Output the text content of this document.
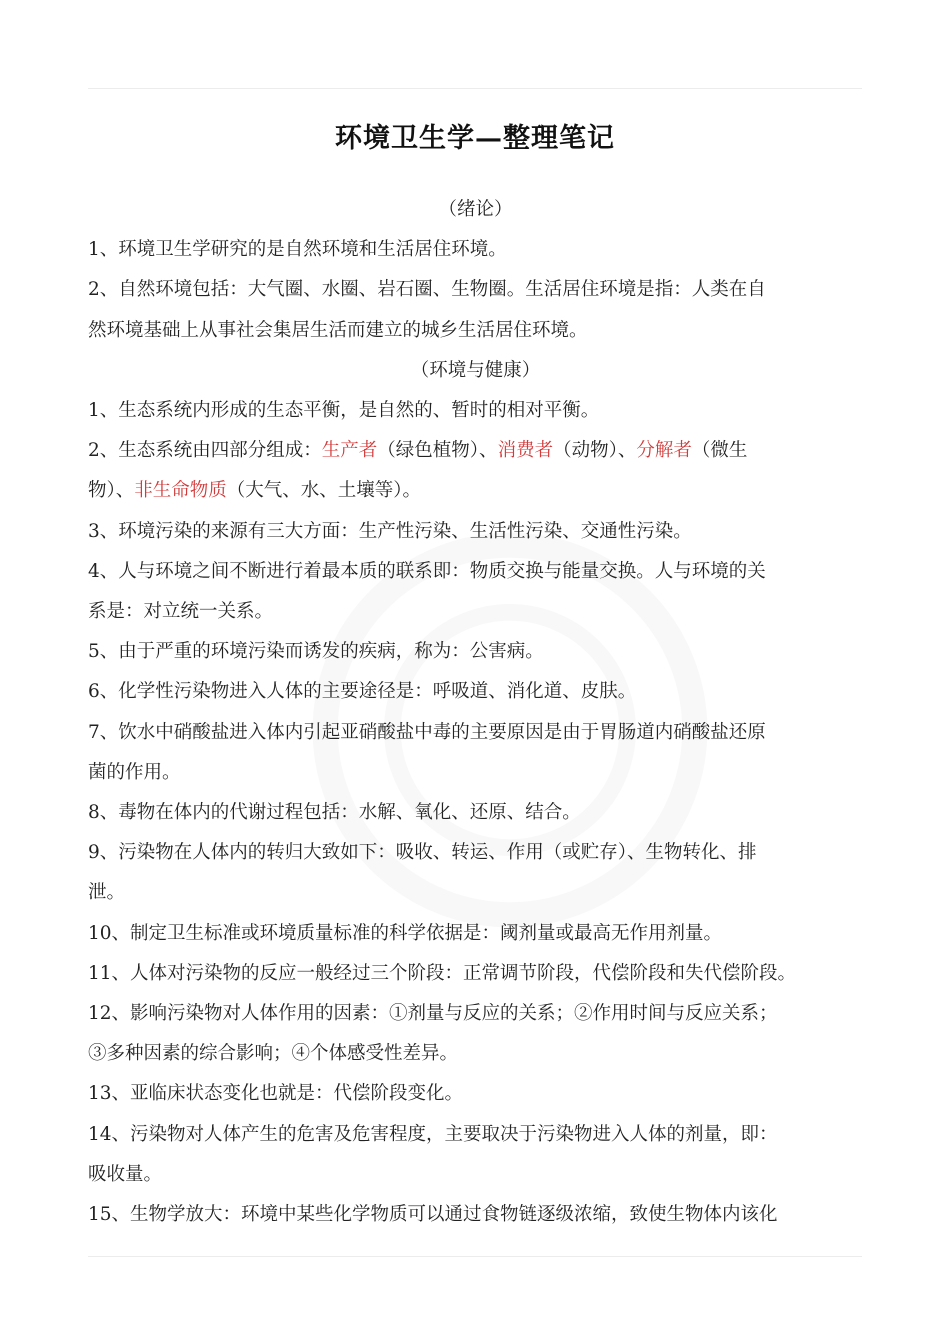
环境卫生学—整理笔记
（绪论）
1、环境卫生学研究的是自然环境和生活居住环境。
2、自然环境包括：大气圈、水圈、岩石圈、生物圈。生活居住环境是指：人类在自
然环境基础上从事社会集居生活而建立的城乡生活居住环境。
（环境与健康）
1、生态系统内形成的生态平衡，是自然的、暂时的相对平衡。
2、生态系统由四部分组成：生产者（绿色植物）、消费者（动物）、分解者（微生
物）、非生命物质（大气、水、土壤等）。
3、环境污染的来源有三大方面：生产性污染、生活性污染、交通性污染。
4、人与环境之间不断进行着最本质的联系即：物质交换与能量交换。人与环境的关
系是：对立统一关系。
5、由于严重的环境污染而诱发的疾病，称为：公害病。
6、化学性污染物进入人体的主要途径是：呼吸道、消化道、皮肤。
7、饮水中硝酸盐进入体内引起亚硝酸盐中毒的主要原因是由于胃肠道内硝酸盐还原
菌的作用。
8、毒物在体内的代谢过程包括：水解、氧化、还原、结合。
9、污染物在人体内的转归大致如下：吸收、转运、作用（或贮存）、生物转化、排
泄。
10、制定卫生标准或环境质量标准的科学依据是：阈剂量或最高无作用剂量。
11、人体对污染物的反应一般经过三个阶段：正常调节阶段，代偿阶段和失代偿阶段。
12、影响污染物对人体作用的因素：①剂量与反应的关系；②作用时间与反应关系；
③多种因素的综合影响；④个体感受性差异。
13、亚临床状态变化也就是：代偿阶段变化。
14、污染物对人体产生的危害及危害程度，主要取决于污染物进入人体的剂量，即：
吸收量。
15、生物学放大：环境中某些化学物质可以通过食物链逐级浓缩，致使生物体内该化
